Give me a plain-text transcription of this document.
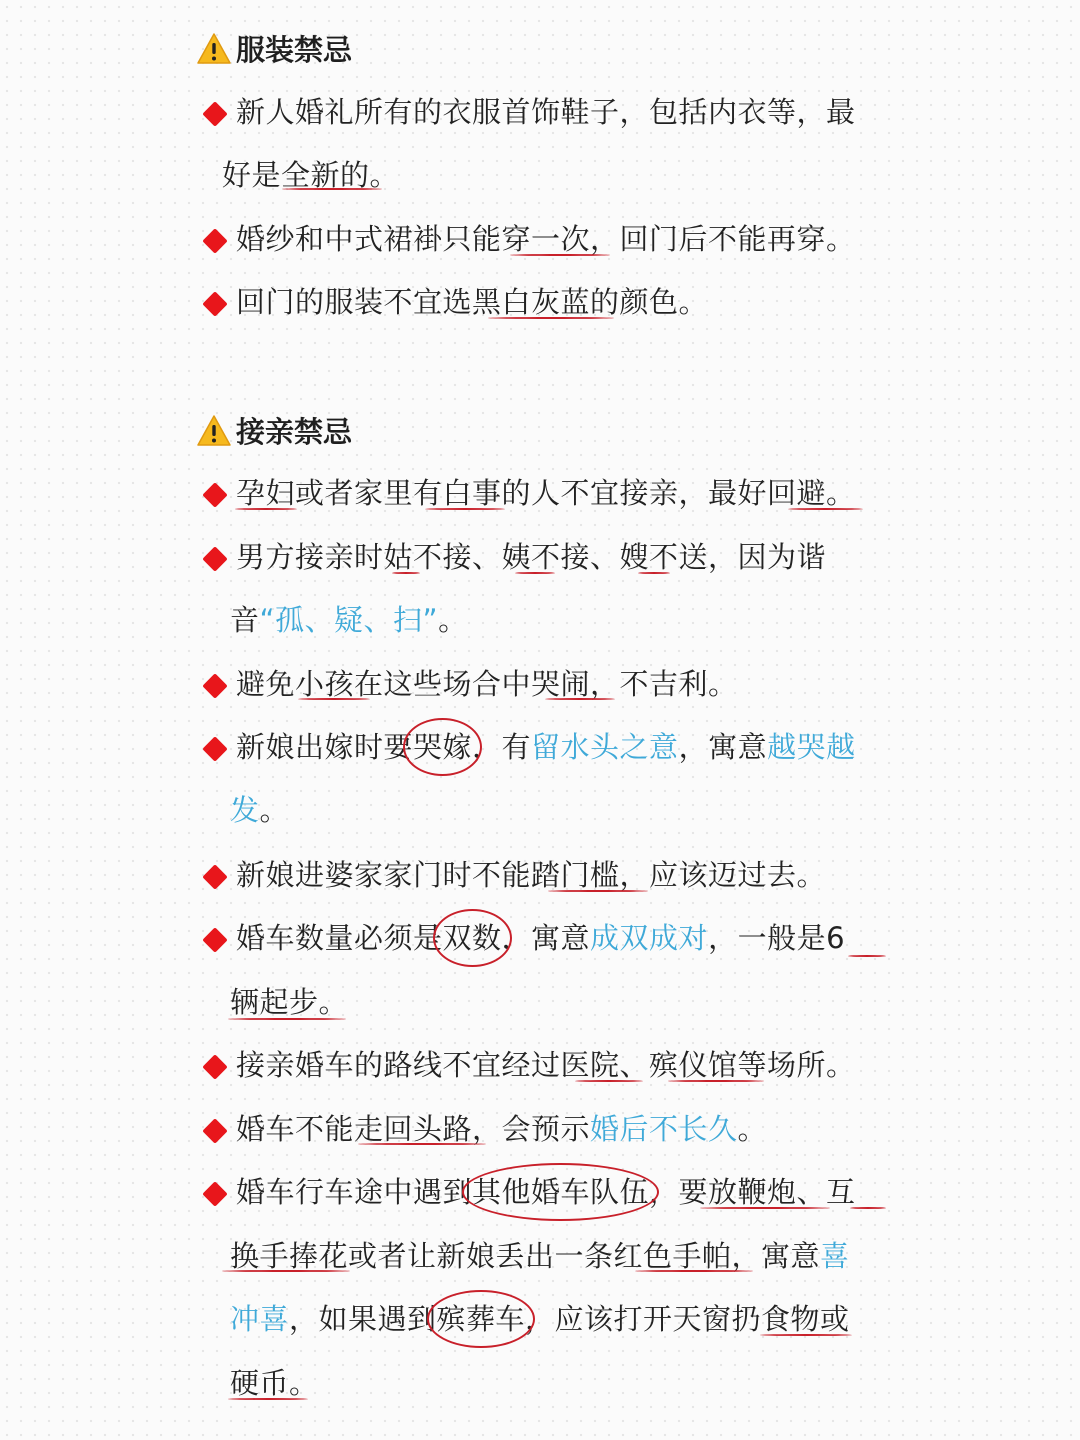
服装禁忌
新人婚礼所有的衣服首饰鞋子，包括内衣等，最
好是全新的。
婚纱和中式裙褂只能穿一次，回门后不能再穿。
回门的服装不宜选黑白灰蓝的颜色。
接亲禁忌
孕妇或者家里有白事的人不宜接亲，最好回避。
男方接亲时姑不接、姨不接、嫂不送，因为谐
音“孤、疑、扫”。
避免小孩在这些场合中哭闹，不吉利。
新娘出嫁时要哭嫁，有留水头之意，寓意越哭越
发。
新娘进婆家家门时不能踏门槛，应该迈过去。
婚车数量必须是双数，寓意成双成对，一般是6
辆起步。
接亲婚车的路线不宜经过医院、殡仪馆等场所。
婚车不能走回头路，会预示婚后不长久。
婚车行车途中遇到其他婚车队伍，要放鞭炮、互
换手捧花或者让新娘丢出一条红色手帕，寓意喜
冲喜，如果遇到殡葬车，应该打开天窗扔食物或
硬币。
